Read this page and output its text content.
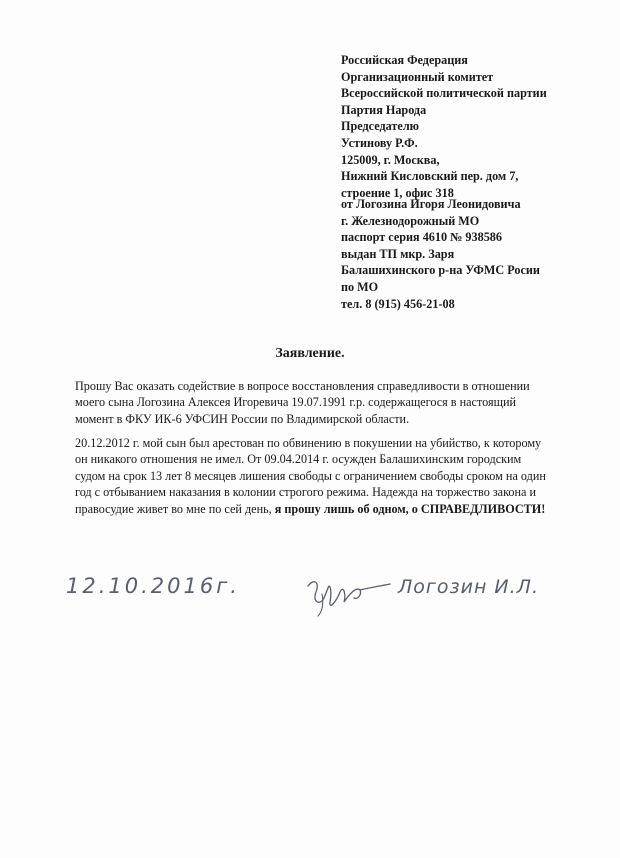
Российская Федерация
Организационный комитет
Всероссийской политической партии
Партия Народа
Председателю
Устинову Р.Ф.
125009, г. Москва,
Нижний Кисловский пер. дом 7,
строение 1, офис 318
от Логозина Игоря Леонидовича
г. Железнодорожный МО
паспорт серия 4610 № 938586
выдан ТП мкр. Заря
Балашихинского р-на УФМС Росии
по МО
тел. 8 (915) 456-21-08
Заявление.
Прошу Вас оказать содействие в вопросе восстановления справедливости в отношении
моего сына Логозина Алексея Игоревича 19.07.1991 г.р. содержащегося в настоящий
момент в ФКУ ИК-6 УФСИН России по Владимирской области.
20.12.2012 г. мой сын был арестован по обвинению в покушении на убийство, к которому
он никакого отношения не имел. От 09.04.2014 г. осужден Балашихинским городским
судом на срок 13 лет 8 месяцев лишения свободы с ограничением свободы сроком на один
год с отбыванием наказания в колонии строгого режима. Надежда на торжество закона и
правосудие живет во мне по сей день, я прошу лишь об одном, о СПРАВЕДЛИВОСТИ!
12.10.2016г.	Логозин И.Л.
